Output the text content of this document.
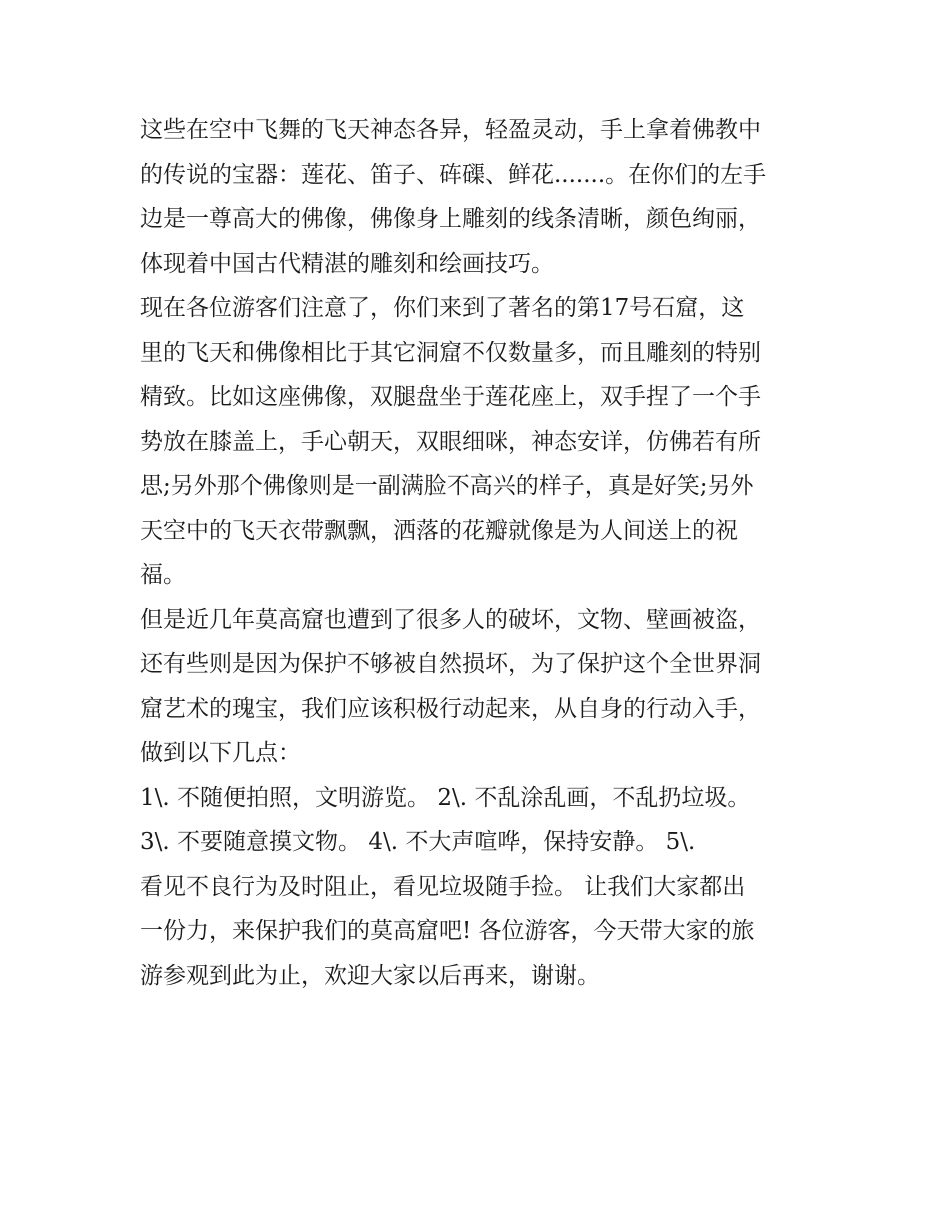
这些在空中飞舞的飞天神态各异，轻盈灵动，手上拿着佛教中
的传说的宝器：莲花、笛子、砗磲、鲜花.......。在你们的左手
边是一尊高大的佛像，佛像身上雕刻的线条清晰，颜色绚丽，
体现着中国古代精湛的雕刻和绘画技巧。
现在各位游客们注意了，你们来到了著名的第17号石窟，这
里的飞天和佛像相比于其它洞窟不仅数量多，而且雕刻的特别
精致。比如这座佛像，双腿盘坐于莲花座上，双手捏了一个手
势放在膝盖上，手心朝天，双眼细咪，神态安详，仿佛若有所
思;另外那个佛像则是一副满脸不高兴的样子，真是好笑;另外
天空中的飞天衣带飘飘，洒落的花瓣就像是为人间送上的祝
福。
但是近几年莫高窟也遭到了很多人的破坏，文物、壁画被盗，
还有些则是因为保护不够被自然损坏，为了保护这个全世界洞
窟艺术的瑰宝，我们应该积极行动起来，从自身的行动入手，
做到以下几点：
1\. 不随便拍照，文明游览。 2\. 不乱涂乱画，不乱扔垃圾。
3\. 不要随意摸文物。 4\. 不大声喧哗，保持安静。 5\.
看见不良行为及时阻止，看见垃圾随手捡。 让我们大家都出
一份力，来保护我们的莫高窟吧! 各位游客，今天带大家的旅
游参观到此为止，欢迎大家以后再来，谢谢。
